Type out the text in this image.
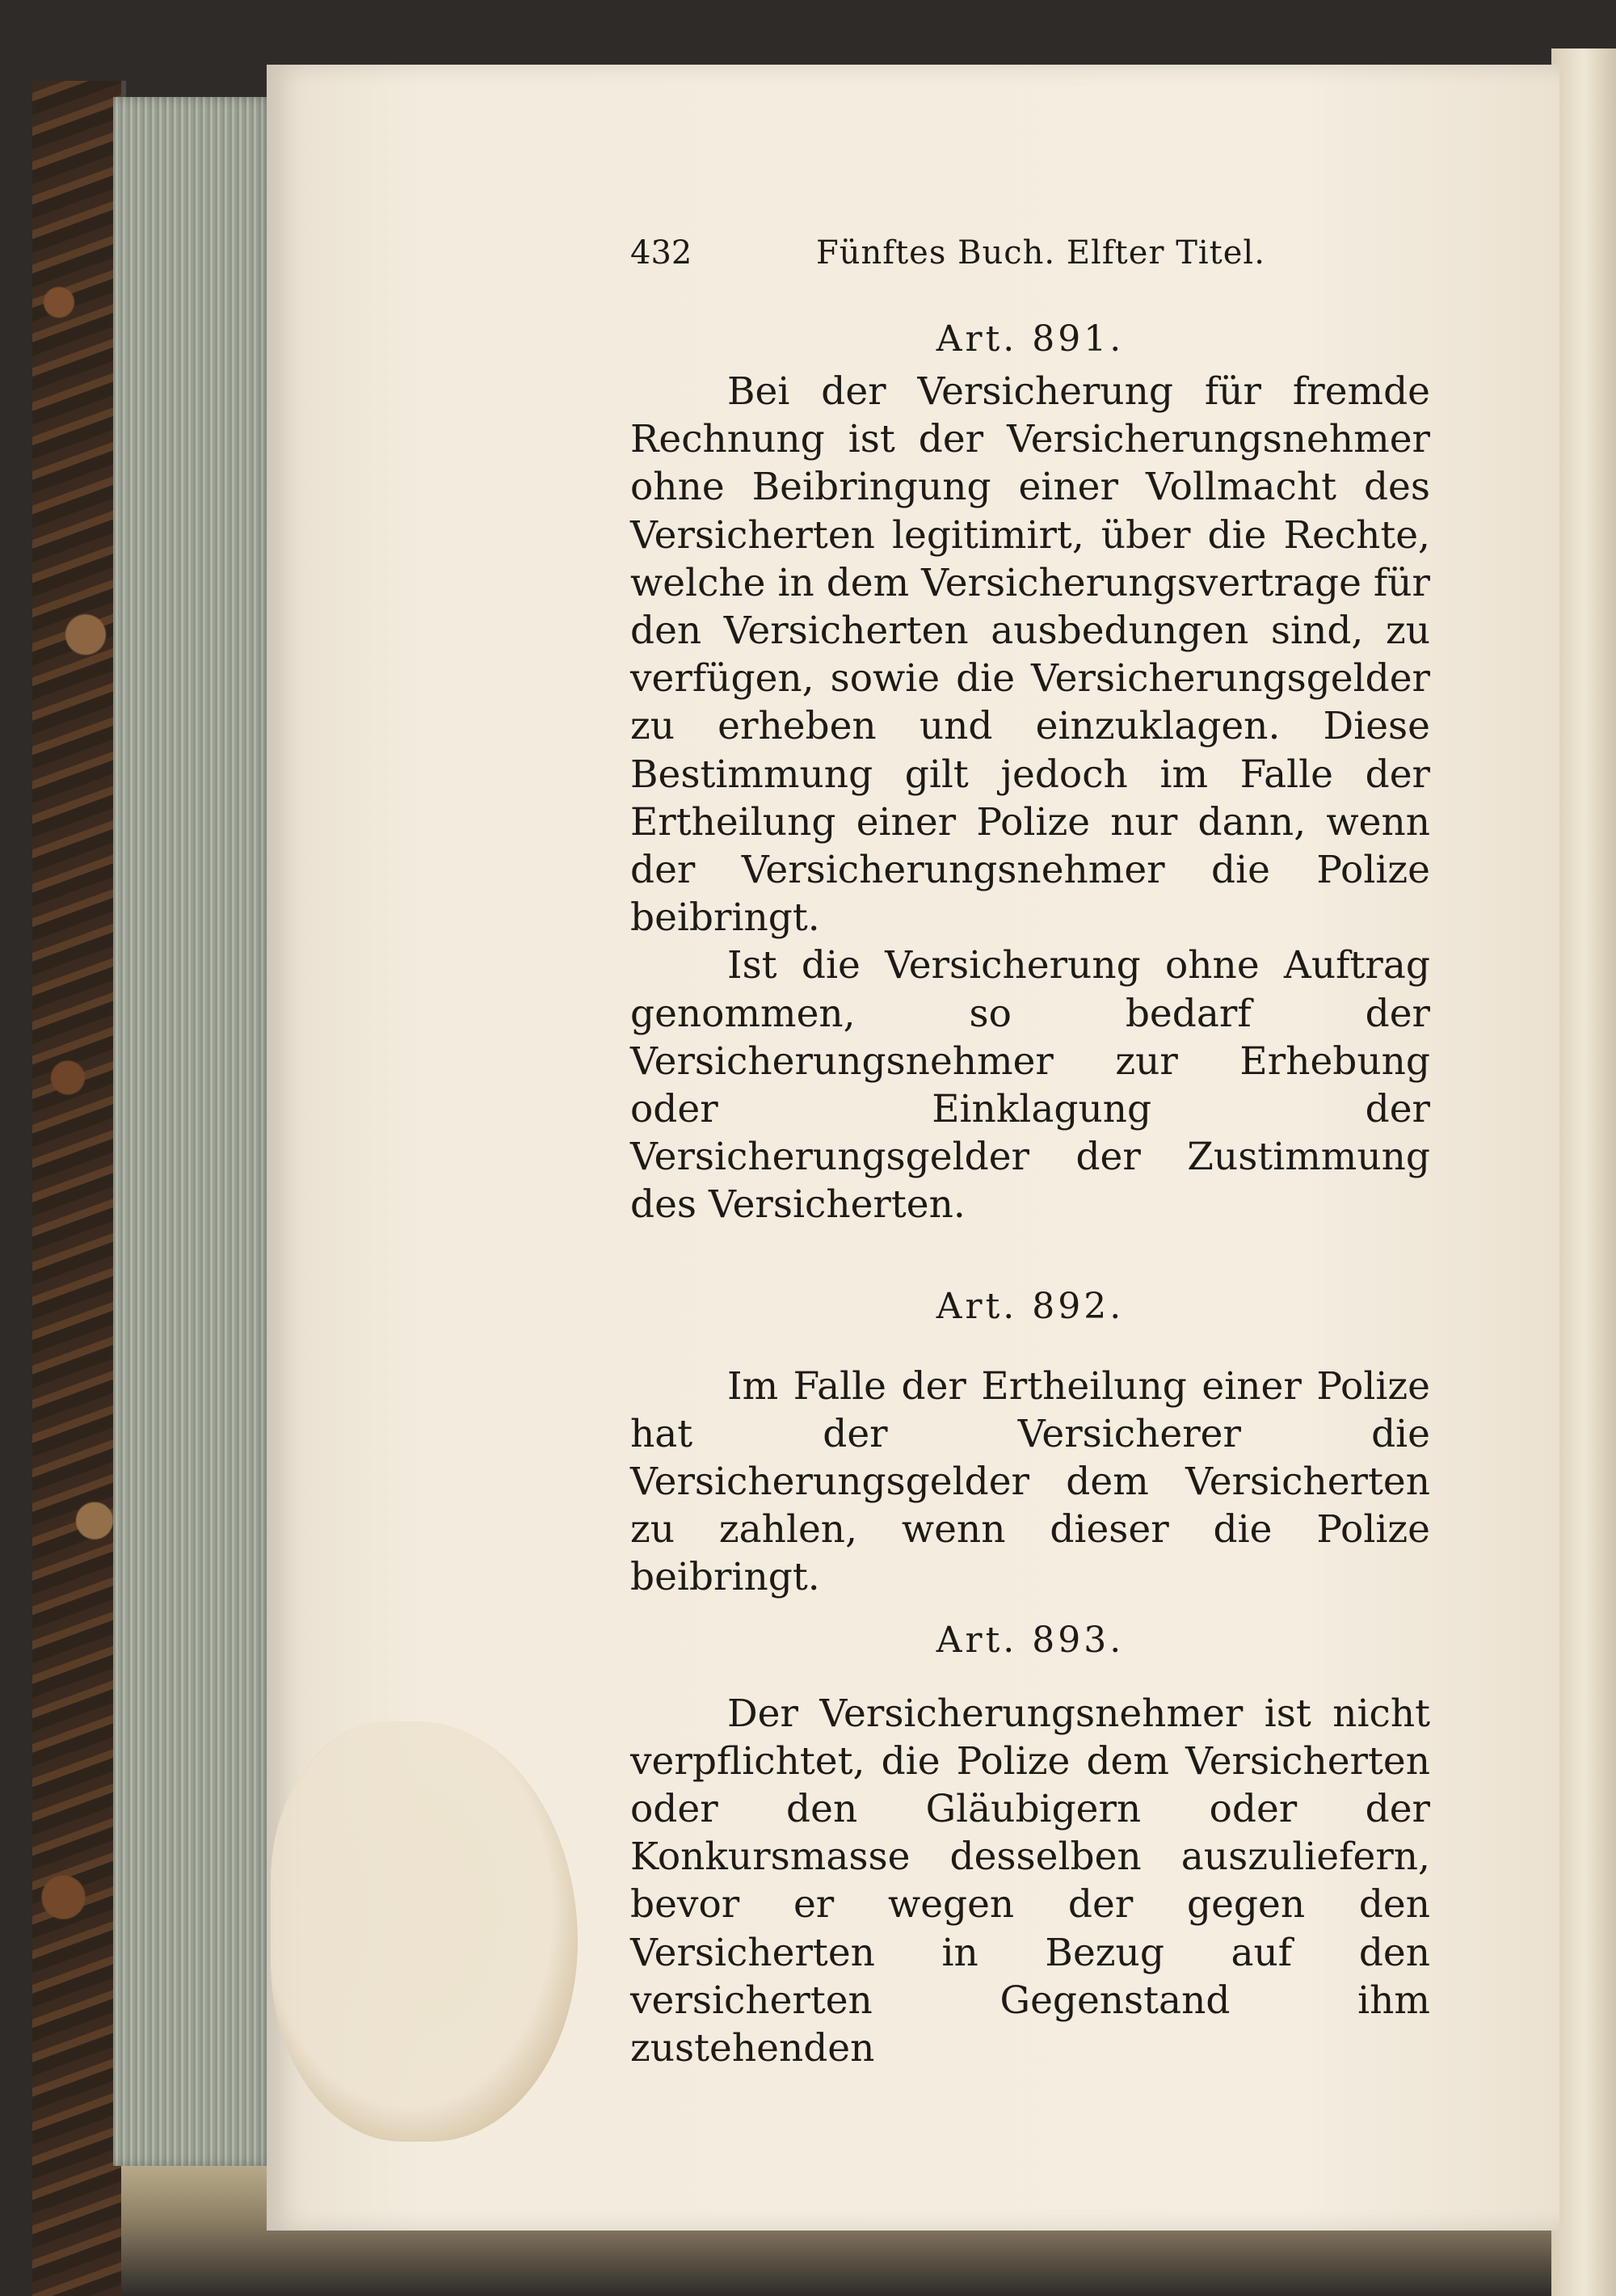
432	Fünftes Buch. Elfter Titel.
Art. 891.

Bei der Versicherung für fremde Rechnung ist der Versicherungsnehmer ohne Beibringung einer Vollmacht des Versicherten legitimirt, über die Rechte, welche in dem Versicherungsvertrage für den Versicherten ausbedungen sind, zu verfügen, sowie die Versicherungsgelder zu erheben und einzuklagen. Diese Bestimmung gilt jedoch im Falle der Ertheilung einer Polize nur dann, wenn der Versicherungsnehmer die Polize beibringt.

Ist die Versicherung ohne Auftrag genommen, so bedarf der Versicherungsnehmer zur Erhebung oder Einklagung der Versicherungsgelder der Zustimmung des Versicherten.

Art. 892.

Im Falle der Ertheilung einer Polize hat der Versicherer die Versicherungsgelder dem Versicherten zu zahlen, wenn dieser die Polize beibringt.

Art. 893.

Der Versicherungsnehmer ist nicht verpflichtet, die Polize dem Versicherten oder den Gläubigern oder der Konkursmasse desselben auszuliefern, bevor er wegen der gegen den Versicherten in Bezug auf den versicherten Gegenstand ihm zustehenden
